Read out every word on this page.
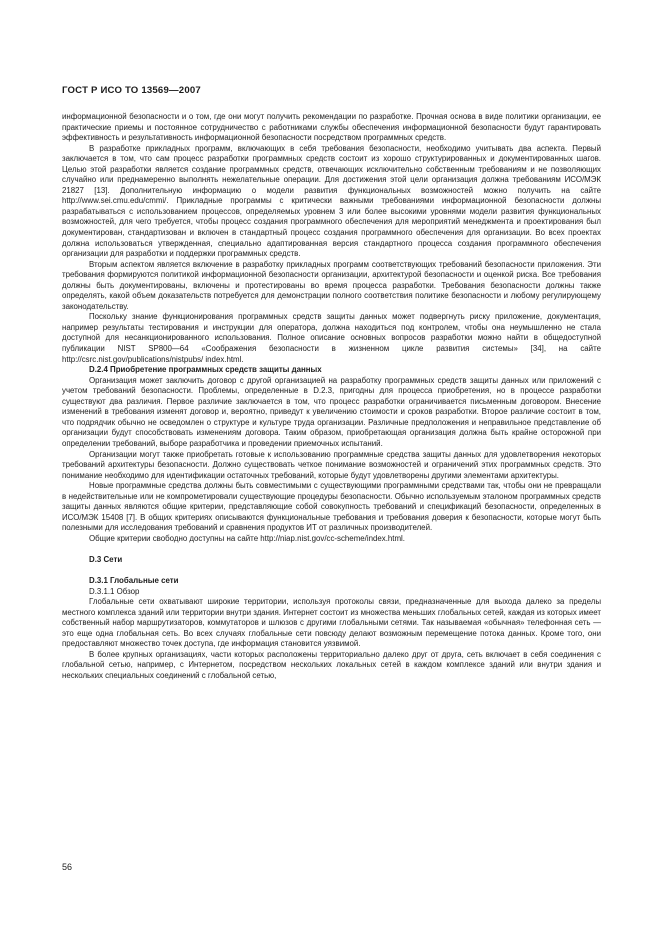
ГОСТ Р ИСО ТО 13569—2007

информационной безопасности и о том, где они могут получить рекомендации по разработке. Прочная основа в виде политики организации, ее практические приемы и постоянное сотрудничество с работниками службы обеспечения информационной безопасности будут гарантировать эффективность и результативность информационной безопасности посредством программных средств.

В разработке прикладных программ, включающих в себя требования безопасности, необходимо учитывать два аспекта. Первый заключается в том, что сам процесс разработки программных средств состоит из хорошо структурированных и документированных шагов. Целью этой разработки является создание программных средств, отвечающих исключительно собственным требованиям и не позволяющих случайно или преднамеренно выполнять нежелательные операции. Для достижения этой цели организация должна требованиям ИСО/МЭК 21827 [13]. Дополнительную информацию о модели развития функциональных возможностей можно получить на сайте http://www.sei.cmu.edu/cmmi/. Прикладные программы с критически важными требованиями информационной безопасности должны разрабатываться с использованием процессов, определяемых уровнем 3 или более высокими уровнями модели развития функциональных возможностей, для чего требуется, чтобы процесс создания программного обеспечения для мероприятий менеджмента и проектирования был документирован, стандартизован и включен в стандартный процесс создания программного обеспечения для организации. Во всех проектах должна использоваться утвержденная, специально адаптированная версия стандартного процесса создания программного обеспечения организации для разработки и поддержки программных средств.

Вторым аспектом является включение в разработку прикладных программ соответствующих требований безопасности приложения. Эти требования формируются политикой информационной безопасности организации, архитектурой безопасности и оценкой риска. Все требования должны быть документированы, включены и протестированы во время процесса разработки. Требования безопасности должны также определять, какой объем доказательств потребуется для демонстрации полного соответствия политике безопасности и любому регулирующему законодательству.

Поскольку знание функционирования программных средств защиты данных может подвергнуть риску приложение, документация, например результаты тестирования и инструкции для оператора, должна находиться под контролем, чтобы она неумышленно не стала доступной для несанкционированного использования. Полное описание основных вопросов разработки можно найти в общедоступной публикации NIST SP800—64 «Соображения безопасности в жизненном цикле развития системы» [34], на сайте http://csrc.nist.gov/publications/nistpubs/ index.html.

D.2.4 Приобретение программных средств защиты данных

Организация может заключить договор с другой организацией на разработку программных средств защиты данных или приложений с учетом требований безопасности. Проблемы, определенные в D.2.3, пригодны для процесса приобретения, но в процессе разработки существуют два различия. Первое различие заключается в том, что процесс разработки ограничивается письменным договором. Внесение изменений в требования изменят договор и, вероятно, приведут к увеличению стоимости и сроков разработки. Второе различие состоит в том, что подрядчик обычно не осведомлен о структуре и культуре труда организации. Различные предположения и неправильное представление об организации будут способствовать изменениям договора. Таким образом, приобретающая организация должна быть крайне осторожной при определении требований, выборе разработчика и проведении приемочных испытаний.

Организации могут также приобретать готовые к использованию программные средства защиты данных для удовлетворения некоторых требований архитектуры безопасности. Должно существовать четкое понимание возможностей и ограничений этих программных средств. Это понимание необходимо для идентификации остаточных требований, которые будут удовлетворены другими элементами архитектуры.

Новые программные средства должны быть совместимыми с существующими программными средствами так, чтобы они не превращали в недействительные или не компрометировали существующие процедуры безопасности. Обычно используемым эталоном программных средств защиты данных являются общие критерии, представляющие собой совокупность требований и спецификаций безопасности, определенных в ИСО/МЭК 15408 [7]. В общих критериях описываются функциональные требования и требования доверия к безопасности, которые могут быть полезными для исследования требований и сравнения продуктов ИТ от различных производителей.

Общие критерии свободно доступны на сайте http://niap.nist.gov/cc-scheme/index.html.

D.3 Сети
D.3.1 Глобальные сети
D.3.1.1 Обзор

Глобальные сети охватывают широкие территории, используя протоколы связи, предназначенные для выхода далеко за пределы местного комплекса зданий или территории внутри здания. Интернет состоит из множества меньших глобальных сетей, каждая из которых имеет собственный набор маршрутизаторов, коммутаторов и шлюзов с другими глобальными сетями. Так называемая «обычная» телефонная сеть — это еще одна глобальная сеть. Во всех случаях глобальные сети повсюду делают возможным перемещение потока данных. Кроме того, они предоставляют множество точек доступа, где информация становится уязвимой.

В более крупных организациях, части которых расположены территориально далеко друг от друга, сеть включает в себя соединения с глобальной сетью, например, с Интернетом, посредством нескольких локальных сетей в каждом комплексе зданий или внутри здания и нескольких специальных соединений с глобальной сетью,

56
